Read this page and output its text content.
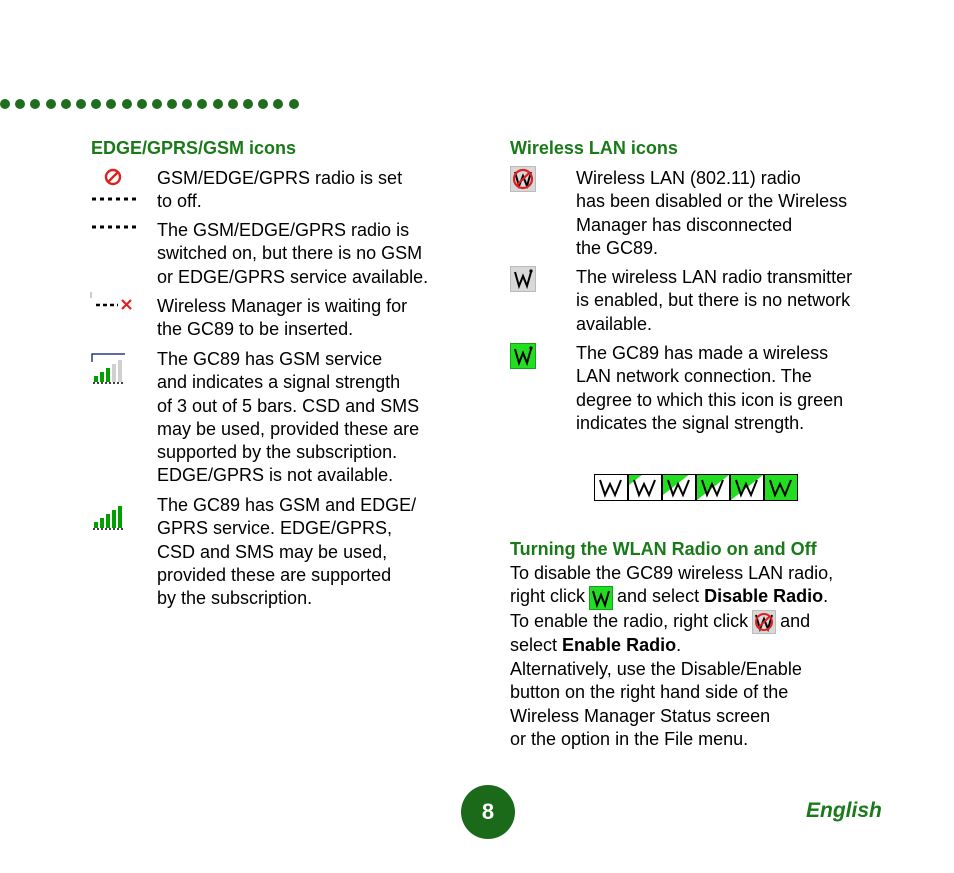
EDGE/GPRS/GSM icons
GSM/EDGE/GPRS radio is set
to off.
The GSM/EDGE/GPRS radio is
switched on, but there is no GSM
or EDGE/GPRS service available.
Wireless Manager is waiting for
the GC89 to be inserted.
The GC89 has GSM service
and indicates a signal strength
of 3 out of 5 bars. CSD and SMS
may be used, provided these are
supported by the subscription.
EDGE/GPRS is not available.
The GC89 has GSM and EDGE/
GPRS service. EDGE/GPRS,
CSD and SMS may be used,
provided these are supported
by the subscription.
Wireless LAN icons
Wireless LAN (802.11) radio
has been disabled or the Wireless
Manager has disconnected
the GC89.
The wireless LAN radio transmitter
is enabled, but there is no network
available.
The GC89 has made a wireless
LAN network connection. The
degree to which this icon is green
indicates the signal strength.
Turning the WLAN Radio on and Off
To disable the GC89 wireless LAN radio,
right click and select Disable Radio.
To enable the radio, right click and
select Enable Radio.
Alternatively, use the Disable/Enable
button on the right hand side of the
Wireless Manager Status screen
or the option in the File menu.
8	English
